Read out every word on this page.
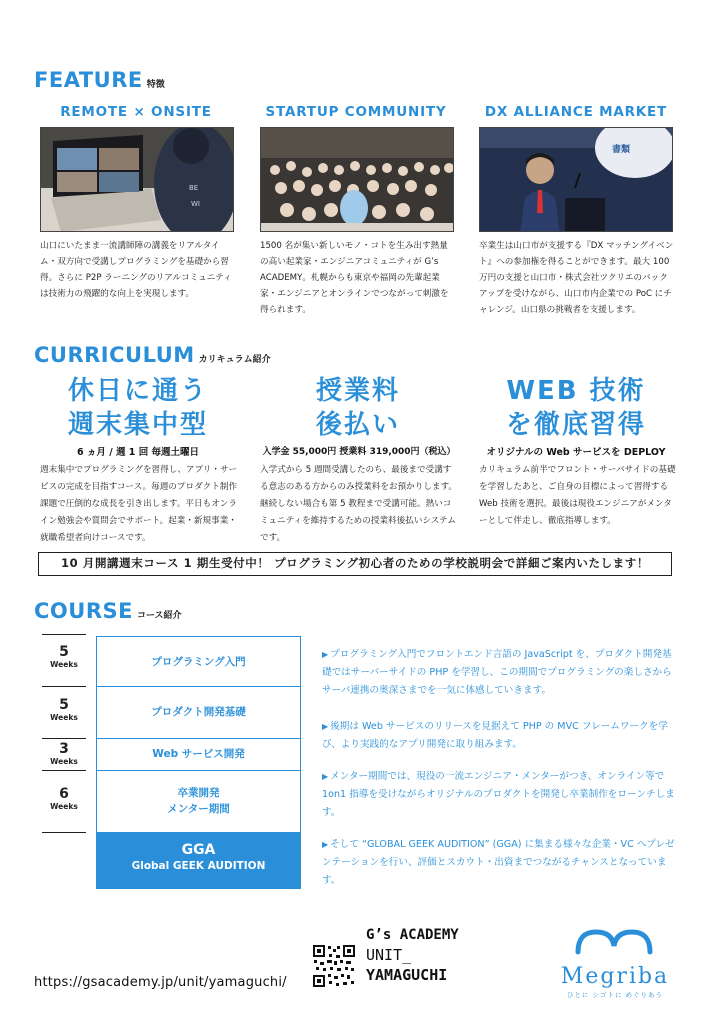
FEATURE 特徴
REMOTE × ONSITE	STARTUP COMMUNITY	DX ALLIANCE MARKET
BE
WI
書類
山口にいたまま一流講師陣の講義をリアルタイム・双方向で受講しプログラミングを基礎から習得。さらに P2P ラーニングのリアルコミュニティは技術力の飛躍的な向上を実現します。
1500 名が集い新しいモノ・コトを生み出す熱量の高い起業家・エンジニアコミュニティが G’s ACADEMY。札幌からも東京や福岡の先輩起業家・エンジニアとオンラインでつながって刺激を得られます。
卒業生は山口市が支援する『DX マッチングイベント』への参加権を得ることができます。最大 100 万円の支援と山口市・株式会社ツクリエのバックアップを受けながら、山口市内企業での PoC にチャレンジ。山口県の挑戦者を支援します。
CURRICULUM カリキュラム紹介
休日に通う
週末集中型
授業料
後払い
WEB 技術
を徹底習得
6 ヵ月 / 週 1 回 毎週土曜日	入学金 55,000円 授業料 319,000円（税込）	オリジナルの Web サービスを DEPLOY
週末集中でプログラミングを習得し、アプリ・サービスの完成を目指すコース。毎週のプロダクト制作課題で圧倒的な成長を引き出します。平日もオンライン勉強会や質問会でサポート。起業・新規事業・就職希望者向けコースです。
入学式から 5 週間受講したのち、最後まで受講する意志のある方からのみ授業料をお預かりします。継続しない場合も第 5 教程まで受講可能。熱いコミュニティを維持するための授業料後払いシステムです。
カリキュラム前半でフロント・サーバサイドの基礎を学習したあと、ご自身の目標によって習得する Web 技術を選択。最後は現役エンジニアがメンターとして伴走し、徹底指導します。
10 月開講週末コース 1 期生受付中！ プログラミング初心者のための学校説明会で詳細ご案内いたします！
COURSE コース紹介
5
Weeks
5
Weeks
3
Weeks
6
Weeks
プログラミング入門
プロダクト開発基礎
Web サービス開発
卒業開発
メンター期間
GGA
Global GEEK AUDITION
▶ プログラミング入門でフロントエンド言語の JavaScript を、プロダクト開発基礎ではサーバーサイドの PHP を学習し、この期間でプログラミングの楽しさからサーバ連携の奥深さまでを一気に体感していきます。
▶ 後期は Web サービスのリリースを見据えて PHP の MVC フレームワークを学び、より実践的なアプリ開発に取り組みます。
▶ メンター期間では、現役の一流エンジニア・メンターがつき、オンライン等で 1on1 指導を受けながらオリジナルのプロダクトを開発し卒業制作をローンチします。
▶ そして “GLOBAL GEEK AUDITION” (GGA) に集まる様々な企業・VC へプレゼンテーションを行い、評価とスカウト・出資までつながるチャンスとなっています。
https://gsacademy.jp/unit/yamaguchi/
G’s ACADEMY
UNIT_
YAMAGUCHI	Megriba
ひとに シゴトに めぐりあう
